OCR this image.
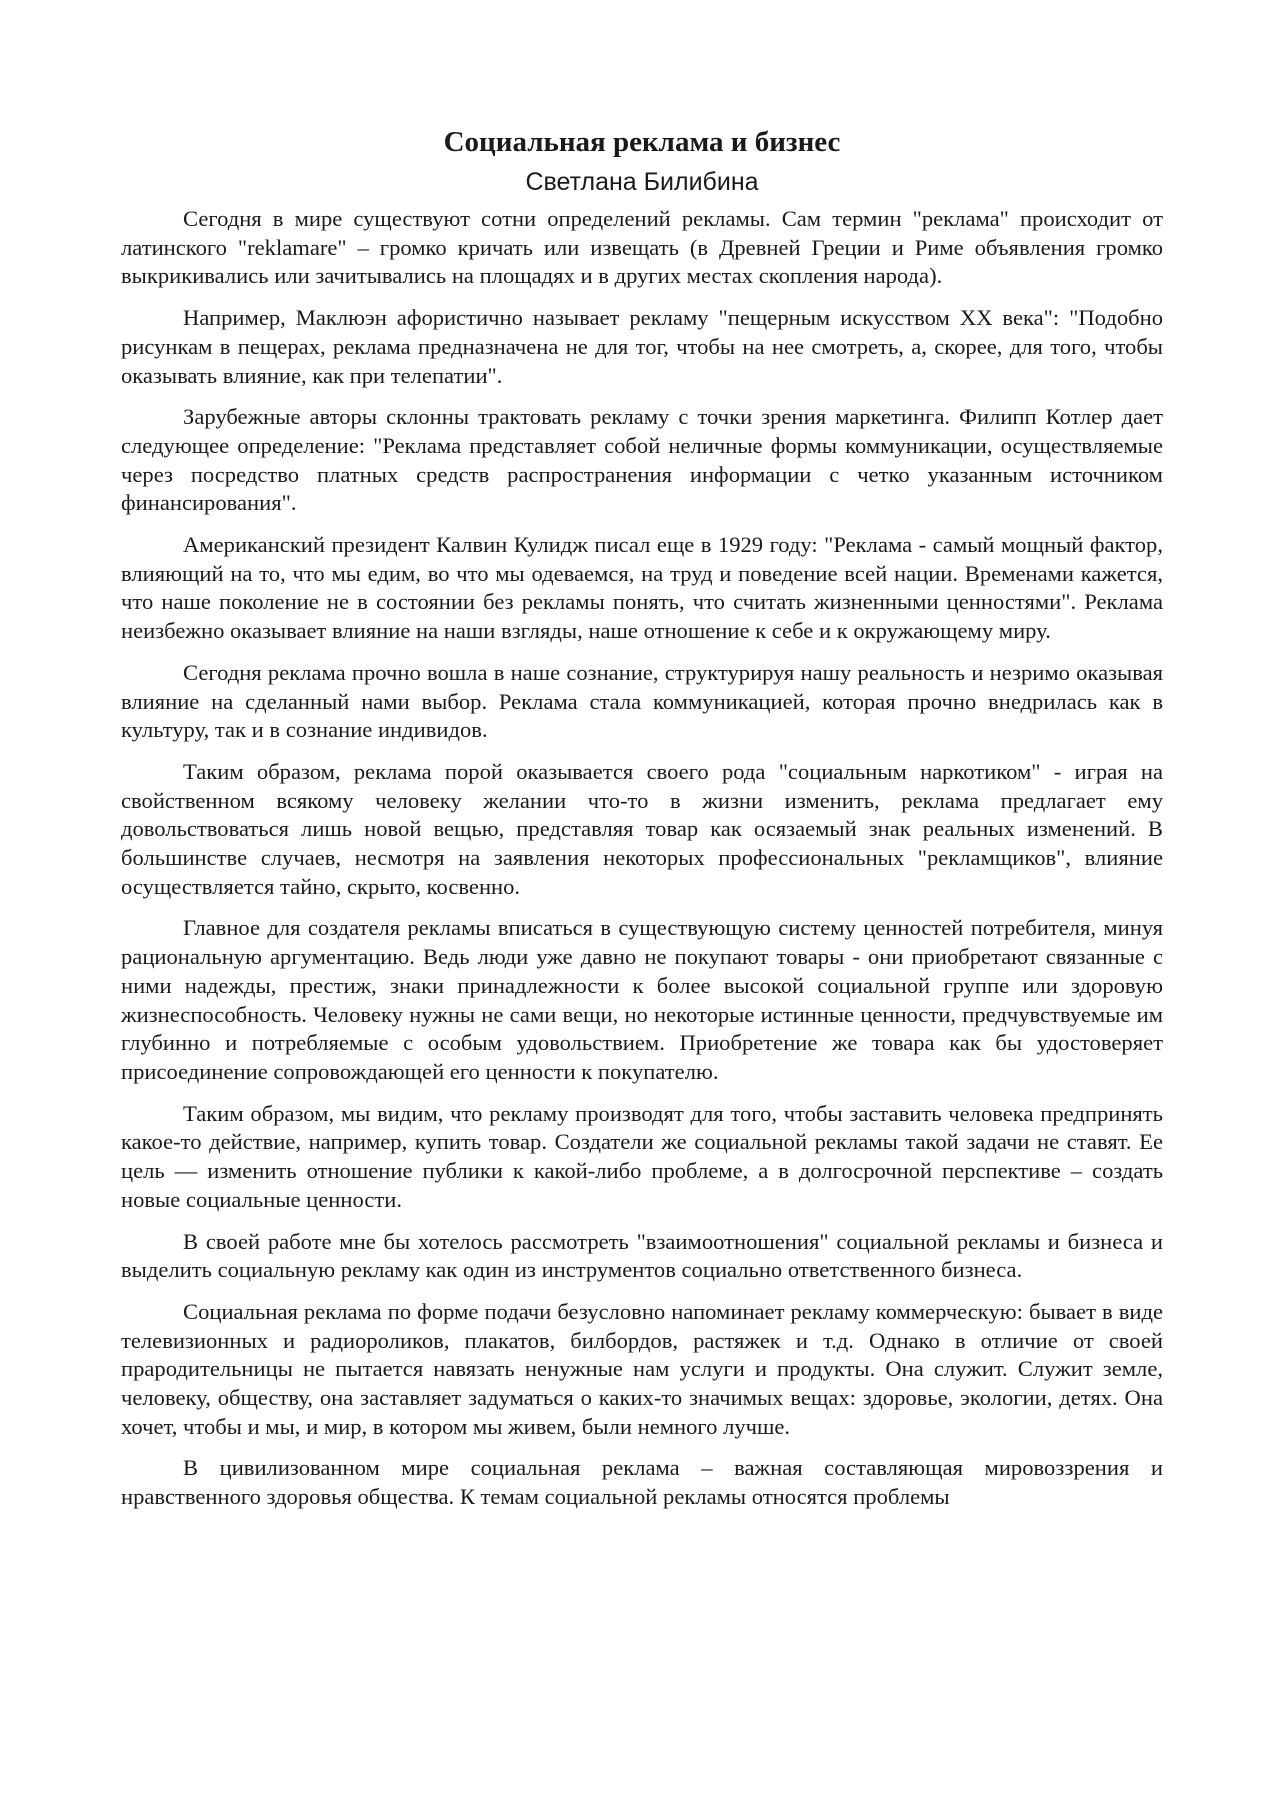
Социальная реклама и бизнес
Светлана Билибина

Сегодня в мире существуют сотни определений рекламы. Сам термин "реклама" происходит от латинского "reklamare" – громко кричать или извещать (в Древней Греции и Риме объявления громко выкрикивались или зачитывались на площадях и в других местах скопления народа).

Например, Маклюэн афористично называет рекламу "пещерным искусством XX века": "Подобно рисункам в пещерах, реклама предназначена не для тог, чтобы на нее смотреть, а, скорее, для того, чтобы оказывать влияние, как при телепатии".

Зарубежные авторы склонны трактовать рекламу с точки зрения маркетинга. Филипп Котлер дает следующее определение: "Реклама представляет собой неличные формы коммуникации, осуществляемые через посредство платных средств распространения информации с четко указанным источником финансирования".

Американский президент Калвин Кулидж писал еще в 1929 году: "Реклама - самый мощный фактор, влияющий на то, что мы едим, во что мы одеваемся, на труд и поведение всей нации. Временами кажется, что наше поколение не в состоянии без рекламы понять, что считать жизненными ценностями". Реклама неизбежно оказывает влияние на наши взгляды, наше отношение к себе и к окружающему миру.

Сегодня реклама прочно вошла в наше сознание, структурируя нашу реальность и незримо оказывая влияние на сделанный нами выбор. Реклама стала коммуникацией, которая прочно внедрилась как в культуру, так и в сознание индивидов.

Таким образом, реклама порой оказывается своего рода "социальным наркотиком" - играя на свойственном всякому человеку желании что-то в жизни изменить, реклама предлагает ему довольствоваться лишь новой вещью, представляя товар как осязаемый знак реальных изменений. В большинстве случаев, несмотря на заявления некоторых профессиональных "рекламщиков", влияние осуществляется тайно, скрыто, косвенно.

Главное для создателя рекламы вписаться в существующую систему ценностей потребителя, минуя рациональную аргументацию. Ведь люди уже давно не покупают товары - они приобретают связанные с ними надежды, престиж, знаки принадлежности к более высокой социальной группе или здоровую жизнеспособность. Человеку нужны не сами вещи, но некоторые истинные ценности, предчувствуемые им глубинно и потребляемые с особым удовольствием. Приобретение же товара как бы удостоверяет присоединение сопровождающей его ценности к покупателю.

Таким образом, мы видим, что рекламу производят для того, чтобы заставить человека предпринять какое-то действие, например, купить товар. Создатели же социальной рекламы такой задачи не ставят. Ее цель — изменить отношение публики к какой-либо проблеме, а в долгосрочной перспективе – создать новые социальные ценности.

В своей работе мне бы хотелось рассмотреть "взаимоотношения" социальной рекламы и бизнеса и выделить социальную рекламу как один из инструментов социально ответственного бизнеса.

Социальная реклама по форме подачи безусловно напоминает рекламу коммерческую: бывает в виде телевизионных и радиороликов, плакатов, билбордов, растяжек и т.д. Однако в отличие от своей прародительницы не пытается навязать ненужные нам услуги и продукты. Она служит. Служит земле, человеку, обществу, она заставляет задуматься о каких-то значимых вещах: здоровье, экологии, детях. Она хочет, чтобы и мы, и мир, в котором мы живем, были немного лучше.

В цивилизованном мире социальная реклама – важная составляющая мировоззрения и нравственного здоровья общества. К темам социальной рекламы относятся проблемы
